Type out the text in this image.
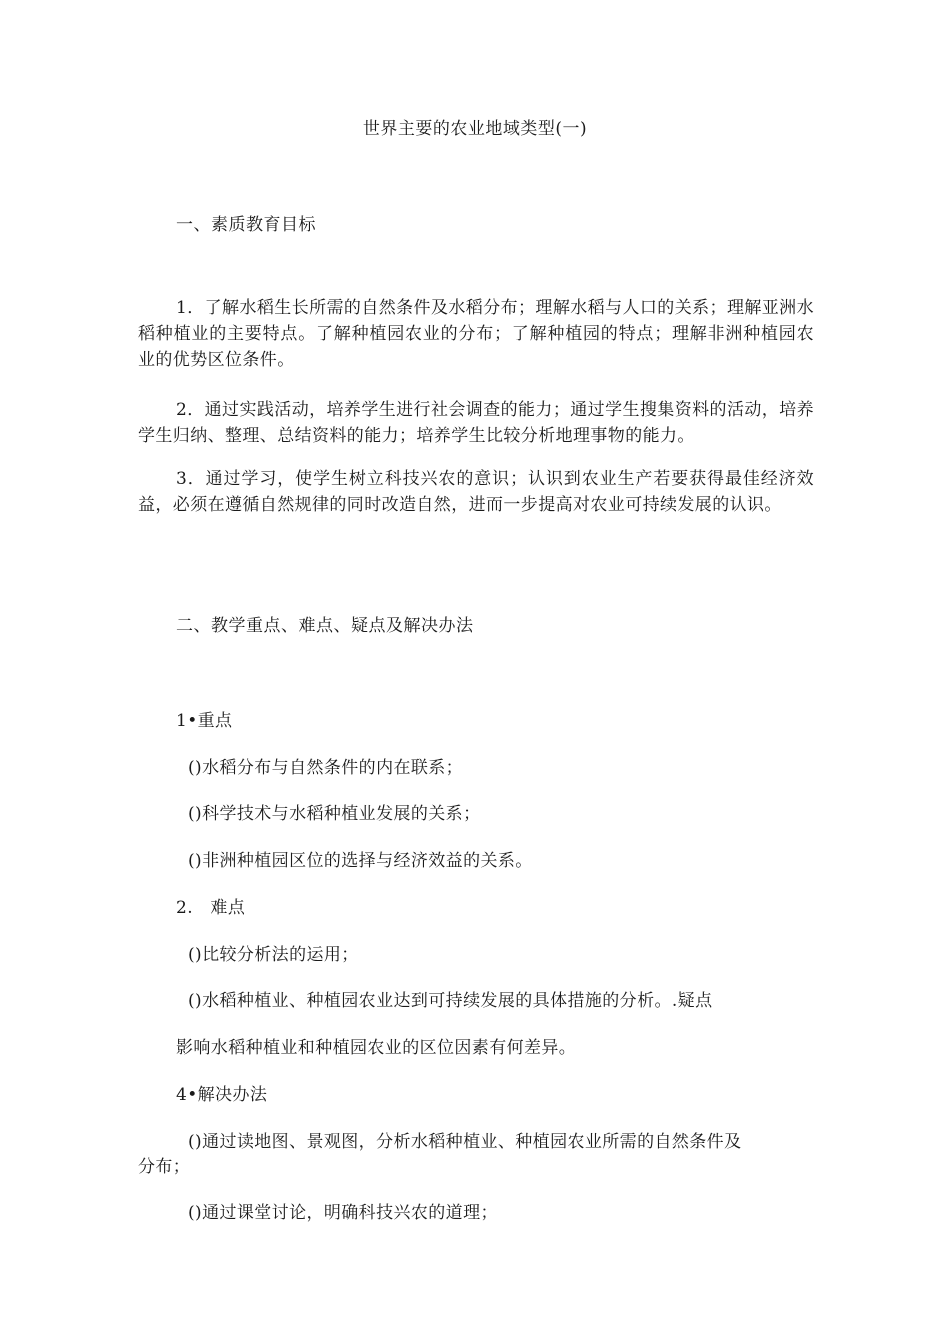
世界主要的农业地域类型(一)
一、素质教育目标
1．了解水稻生长所需的自然条件及水稻分布；理解水稻与人口的关系；理解亚洲水稻种植业的主要特点。了解种植园农业的分布；了解种植园的特点；理解非洲种植园农业的优势区位条件。
2．通过实践活动，培养学生进行社会调查的能力；通过学生搜集资料的活动，培养学生归纳、整理、总结资料的能力；培养学生比较分析地理事物的能力。
3．通过学习，使学生树立科技兴农的意识；认识到农业生产若要获得最佳经济效益，必须在遵循自然规律的同时改造自然，进而一步提高对农业可持续发展的认识。
二、教学重点、难点、疑点及解决办法
1•重点
()水稻分布与自然条件的内在联系；
()科学技术与水稻种植业发展的关系；
()非洲种植园区位的选择与经济效益的关系。
2.　难点
()比较分析法的运用；
()水稻种植业、种植园农业达到可持续发展的具体措施的分析。.疑点
影响水稻种植业和种植园农业的区位因素有何差异。
4•解决办法
()通过读地图、景观图，分析水稻种植业、种植园农业所需的自然条件及
分布；
()通过课堂讨论，明确科技兴农的道理；
